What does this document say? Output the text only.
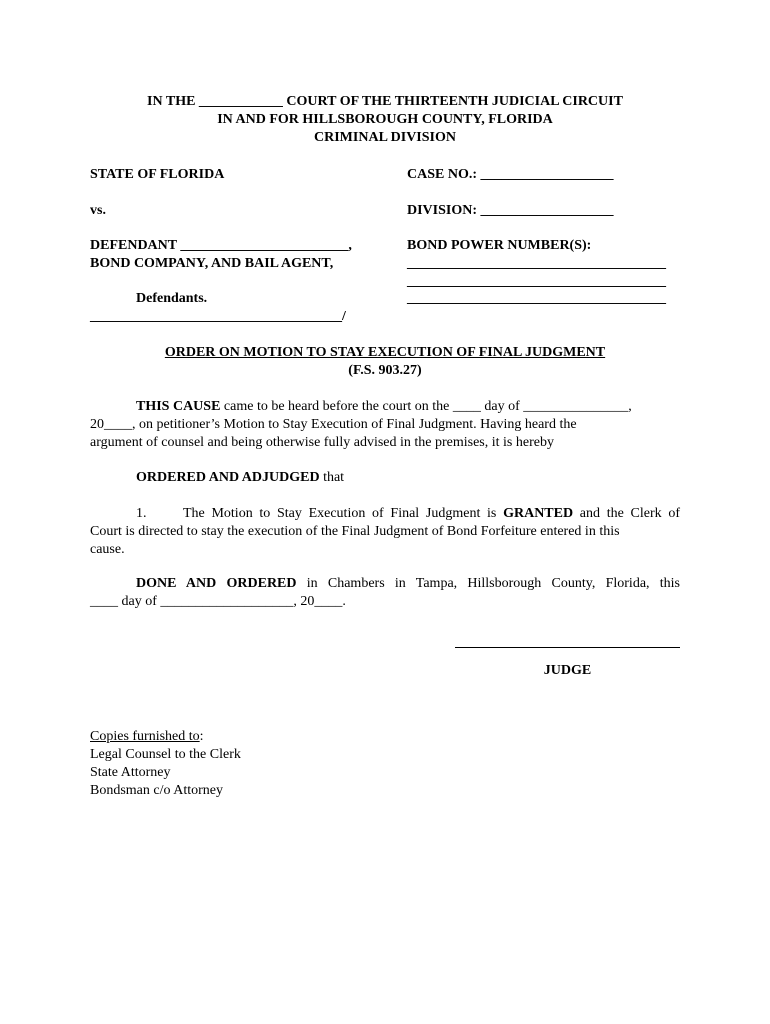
IN THE ____________ COURT OF THE THIRTEENTH JUDICIAL CIRCUIT
IN AND FOR HILLSBOROUGH COUNTY, FLORIDA
CRIMINAL DIVISION
STATE OF FLORIDA
vs.
DEFENDANT ________________________,
BOND COMPANY, AND BAIL AGENT,
Defendants.
____________________________________/
CASE NO.: ___________________
DIVISION: ___________________
BOND POWER NUMBER(S):
_____________________________________
_____________________________________
_____________________________________
ORDER ON MOTION TO STAY EXECUTION OF FINAL JUDGMENT
(F.S. 903.27)
THIS CAUSE came to be heard before the court on the ____ day of _______________,
20____, on petitioner’s Motion to Stay Execution of Final Judgment. Having heard the
argument of counsel and being otherwise fully advised in the premises, it is hereby
ORDERED AND ADJUDGED that
1.	The Motion to Stay Execution of Final Judgment is GRANTED and the Clerk of
Court is directed to stay the execution of the Final Judgment of Bond Forfeiture entered in this
cause.
DONE AND ORDERED in Chambers in Tampa, Hillsborough County, Florida, this
____ day of ___________________, 20____.
JUDGE
Copies furnished to:
Legal Counsel to the Clerk
State Attorney
Bondsman c/o Attorney
